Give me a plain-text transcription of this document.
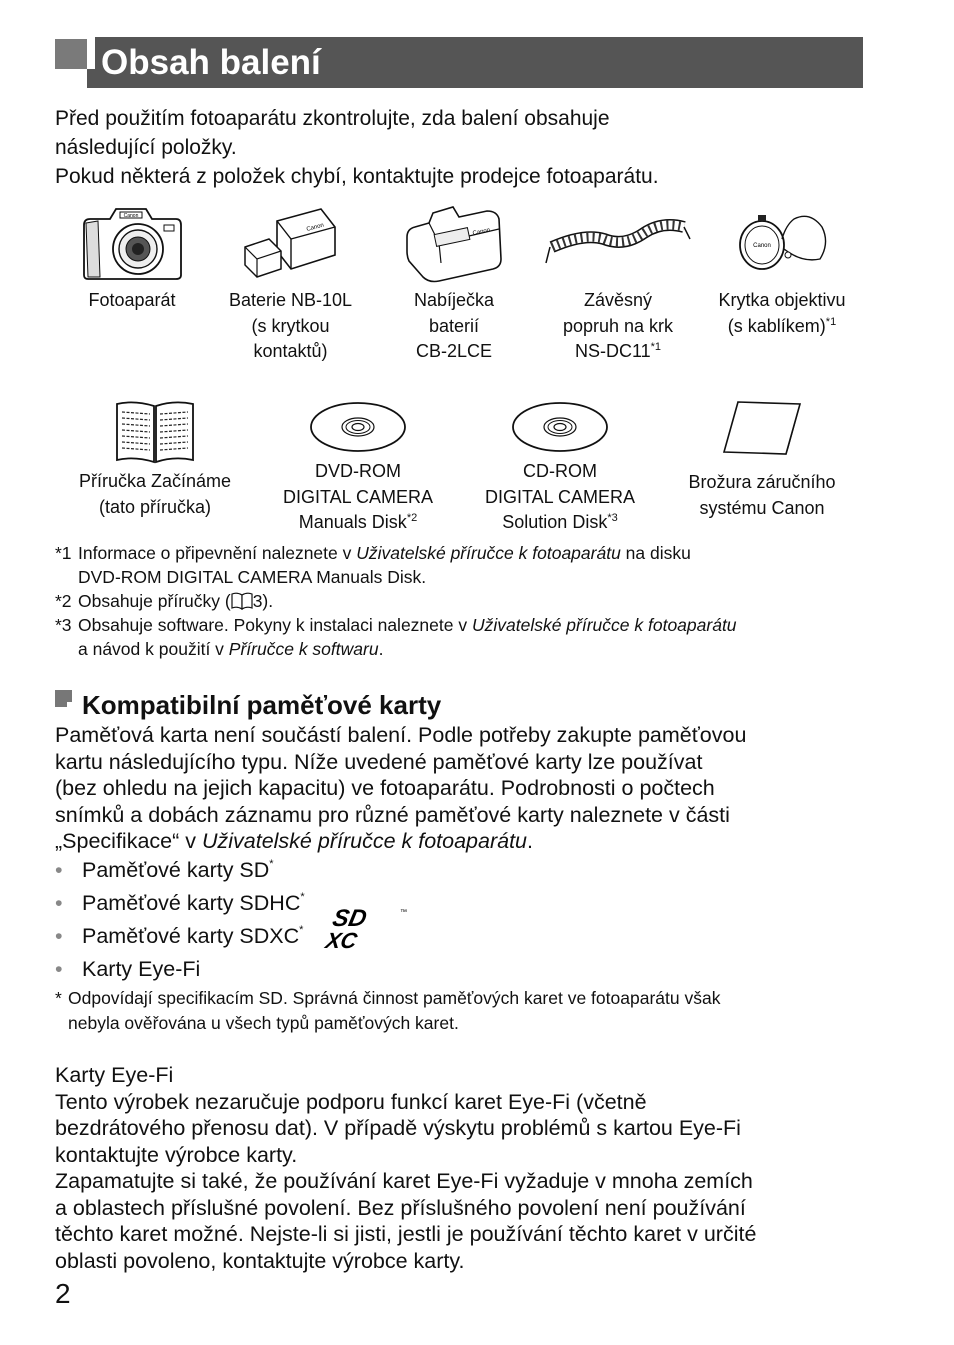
Obsah balení

Před použitím fotoaparátu zkontrolujte, zda balení obsahuje

následující položky.

Pokud některá z položek chybí, kontaktujte prodejce fotoaparátu.

Canon
Fotoaparát
Canon
Baterie NB-10L
(s krytkou
kontaktů)
Canon
Nabíječka
baterií
CB-2LCE
Canon
Závěsný
popruh na krk
NS-DC11$^{*1}$
Canon
Krytka objektivu
(s kablíkem)$^{*1}$
Příručka Začínáme
(tato příručka)
DVD-ROM
DIGITAL CAMERA
Manuals Disk$^{*2}$
CD-ROM
DIGITAL CAMERA
Solution Disk$^{*3}$
Brožura záručního
systému Canon
*1 Informace o připevnění naleznete v Uživatelské příručce k fotoaparátu na disku
DVD-ROM DIGITAL CAMERA Manuals Disk.
*2 Obsahuje příručky ( 3).
*3 Obsahuje software. Pokyny k instalaci naleznete v Uživatelské příručce k fotoaparátu
a návod k použití v Příručce k softwaru.
Kompatibilní paměťové karty

Paměťová karta není součástí balení. Podle potřeby zakupte paměťovou

kartu následujícího typu. Níže uvedené paměťové karty lze používat

(bez ohledu na jejich kapacitu) ve fotoaparátu. Podrobnosti o počtech

snímků a dobách záznamu pro různé paměťové karty naleznete v části

„Specifikace“ v Uživatelské příručce k fotoaparátu.

• Paměťové karty SD*
• Paměťové karty SDHC*
• Paměťové karty SDXC*
• Karty Eye-Fi
SD
XC
™
* Odpovídají specifikacím SD. Správná činnost paměťových karet ve fotoaparátu však
nebyla ověřována u všech typů paměťových karet.

Karty Eye-Fi

Tento výrobek nezaručuje podporu funkcí karet Eye-Fi (včetně

bezdrátového přenosu dat). V případě výskytu problémů s kartou Eye-Fi

kontaktujte výrobce karty.

Zapamatujte si také, že používání karet Eye-Fi vyžaduje v mnoha zemích

a oblastech příslušné povolení. Bez příslušného povolení není používání

těchto karet možné. Nejste-li si jisti, jestli je používání těchto karet v určité

oblasti povoleno, kontaktujte výrobce karty.

2
